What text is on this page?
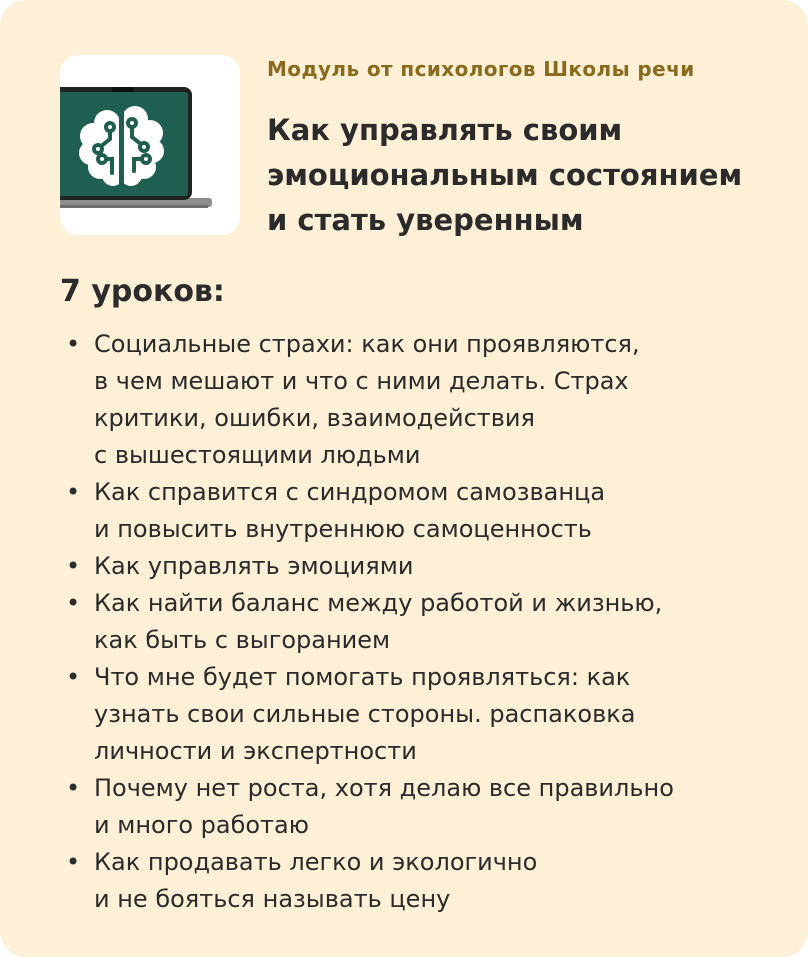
Модуль от психологов Школы речи
Как управлять своим
эмоциональным состоянием
и стать уверенным
7 уроков:
• Социальные страхи: как они проявляются,
в чем мешают и что с ними делать. Страх
критики, ошибки, взаимодействия
с вышестоящими людьми
• Как справится с синдромом самозванца
и повысить внутреннюю самоценность
• Как управлять эмоциями
• Как найти баланс между работой и жизнью,
как быть с выгоранием
• Что мне будет помогать проявляться: как
узнать свои сильные стороны. распаковка
личности и экспертности
• Почему нет роста, хотя делаю все правильно
и много работаю
• Как продавать легко и экологично
и не бояться называть цену
